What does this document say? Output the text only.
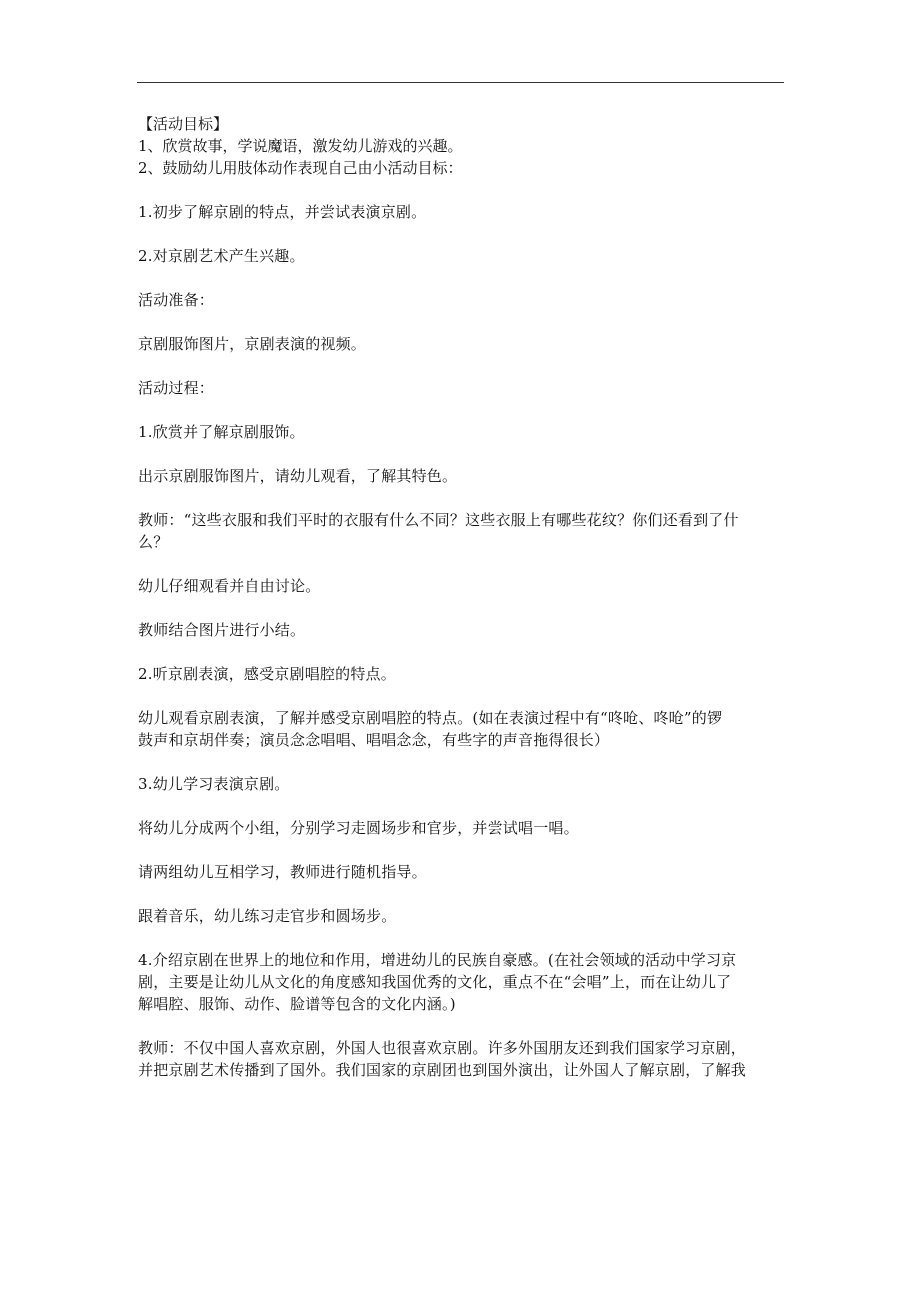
【活动目标】

1、欣赏故事，学说魔语，激发幼儿游戏的兴趣。

2、鼓励幼儿用肢体动作表现自己由小活动目标：

1.初步了解京剧的特点，并尝试表演京剧。

2.对京剧艺术产生兴趣。

活动准备：

京剧服饰图片，京剧表演的视频。

活动过程：

1.欣赏并了解京剧服饰。

出示京剧服饰图片，请幼儿观看，了解其特色。

教师：“这些衣服和我们平时的衣服有什么不同？这些衣服上有哪些花纹？你们还看到了什

么？

幼儿仔细观看并自由讨论。

教师结合图片进行小结。

2.听京剧表演，感受京剧唱腔的特点。

幼儿观看京剧表演，了解并感受京剧唱腔的特点。(如在表演过程中有“咚呛、咚呛”的锣

鼓声和京胡伴奏；演员念念唱唱、唱唱念念，有些字的声音拖得很长）

3.幼儿学习表演京剧。

将幼儿分成两个小组，分别学习走圆场步和官步，并尝试唱一唱。

请两组幼儿互相学习，教师进行随机指导。

跟着音乐，幼儿练习走官步和圆场步。

4.介绍京剧在世界上的地位和作用，增进幼儿的民族自豪感。(在社会领域的活动中学习京

剧，主要是让幼儿从文化的角度感知我国优秀的文化，重点不在“会唱”上，而在让幼儿了

解唱腔、服饰、动作、脸谱等包含的文化内涵。)

教师：不仅中国人喜欢京剧，外国人也很喜欢京剧。许多外国朋友还到我们国家学习京剧，

并把京剧艺术传播到了国外。我们国家的京剧团也到国外演出，让外国人了解京剧，了解我
